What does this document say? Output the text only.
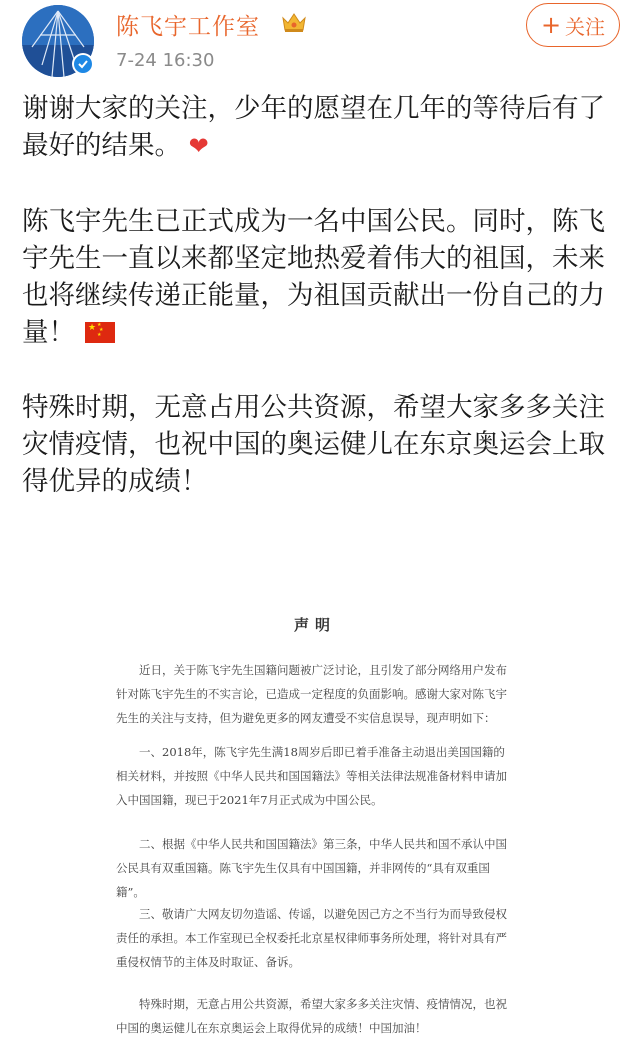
陈飞宇工作室
7-24 16:30
+ 关注

谢谢大家的关注，少年的愿望在几年的等待后有了最好的结果。 ❤

陈飞宇先生已正式成为一名中国公民。同时，陈飞宇先生一直以来都坚定地热爱着伟大的祖国，未来也将继续传递正能量，为祖国贡献出一份自己的力量！ ★ ★
★
★

特殊时期，无意占用公共资源，希望大家多多关注灾情疫情，也祝中国的奥运健儿在东京奥运会上取得优异的成绩！

声明
近日，关于陈飞宇先生国籍问题被广泛讨论，且引发了部分网络用户发布针对陈飞宇先生的不实言论，已造成一定程度的负面影响。感谢大家对陈飞宇先生的关注与支持，但为避免更多的网友遭受不实信息误导，现声明如下：
一、2018年，陈飞宇先生满18周岁后即已着手准备主动退出美国国籍的相关材料，并按照《中华人民共和国国籍法》等相关法律法规准备材料申请加入中国国籍，现已于2021年7月正式成为中国公民。
二、根据《中华人民共和国国籍法》第三条，中华人民共和国不承认中国公民具有双重国籍。陈飞宇先生仅具有中国国籍，并非网传的“具有双重国籍”。
三、敬请广大网友切勿造谣、传谣，以避免因己方之不当行为而导致侵权责任的承担。本工作室现已全权委托北京星权律师事务所处理，将针对具有严重侵权情节的主体及时取证、备诉。
特殊时期，无意占用公共资源，希望大家多多关注灾情、疫情情况，也祝中国的奥运健儿在东京奥运会上取得优异的成绩！中国加油！
